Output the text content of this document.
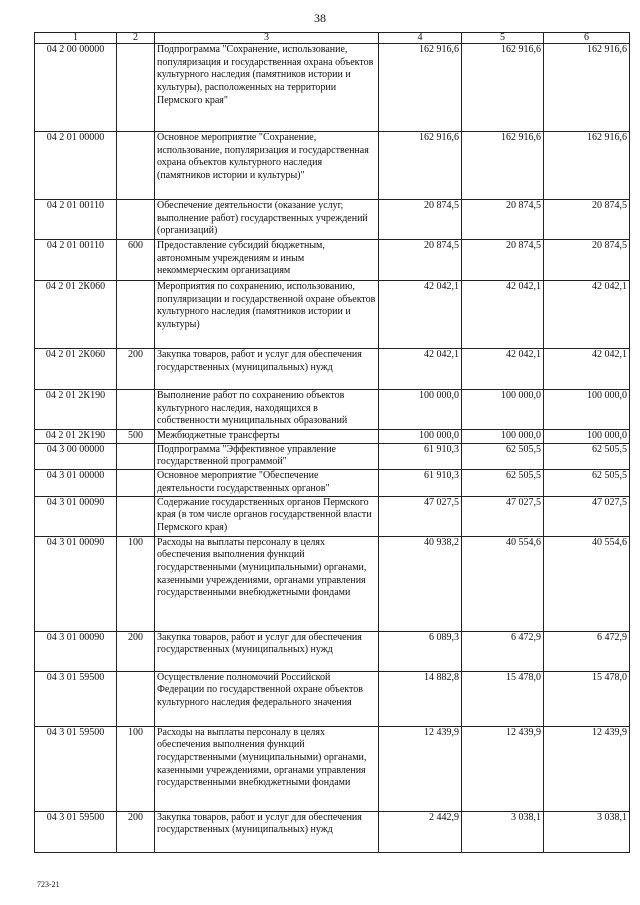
38
1	2	3	4	5	6
04 2 00 00000		Подпрограмма "Сохранение, использование, популяризация и государственная охрана объектов культурного наследия (памятников истории и культуры), расположенных на территории Пермского края"	162 916,6	162 916,6	162 916,6
04 2 01 00000		Основное мероприятие "Сохранение, использование, популяризация и государственная охрана объектов культурного наследия (памятников истории и культуры)"	162 916,6	162 916,6	162 916,6
04 2 01 00110		Обеспечение деятельности (оказание услуг, выполнение работ) государственных учреждений (организаций)	20 874,5	20 874,5	20 874,5
04 2 01 00110	600	Предоставление субсидий бюджетным, автономным учреждениям и иным некоммерческим организациям	20 874,5	20 874,5	20 874,5
04 2 01 2К060		Мероприятия по сохранению, использованию, популяризации и государственной охране объектов культурного наследия (памятников истории и культуры)	42 042,1	42 042,1	42 042,1
04 2 01 2К060	200	Закупка товаров, работ и услуг для обеспечения государственных (муниципальных) нужд	42 042,1	42 042,1	42 042,1
04 2 01 2К190		Выполнение работ по сохранению объектов культурного наследия, находящихся в собственности муниципальных образований	100 000,0	100 000,0	100 000,0
04 2 01 2К190	500	Межбюджетные трансферты	100 000,0	100 000,0	100 000,0
04 3 00 00000		Подпрограмма "Эффективное управление государственной программой"	61 910,3	62 505,5	62 505,5
04 3 01 00000		Основное мероприятие "Обеспечение деятельности государственных органов"	61 910,3	62 505,5	62 505,5
04 3 01 00090		Содержание государственных органов Пермского края (в том числе органов государственной власти Пермского края)	47 027,5	47 027,5	47 027,5
04 3 01 00090	100	Расходы на выплаты персоналу в целях обеспечения выполнения функций государственными (муниципальными) органами, казенными учреждениями, органами управления государственными внебюджетными фондами	40 938,2	40 554,6	40 554,6
04 3 01 00090	200	Закупка товаров, работ и услуг для обеспечения государственных (муниципальных) нужд	6 089,3	6 472,9	6 472,9
04 3 01 59500		Осуществление полномочий Российской Федерации по государственной охране объектов культурного наследия федерального значения	14 882,8	15 478,0	15 478,0
04 3 01 59500	100	Расходы на выплаты персоналу в целях обеспечения выполнения функций государственными (муниципальными) органами, казенными учреждениями, органами управления государственными внебюджетными фондами	12 439,9	12 439,9	12 439,9
04 3 01 59500	200	Закупка товаров, работ и услуг для обеспечения государственных (муниципальных) нужд	2 442,9	3 038,1	3 038,1
723-21
